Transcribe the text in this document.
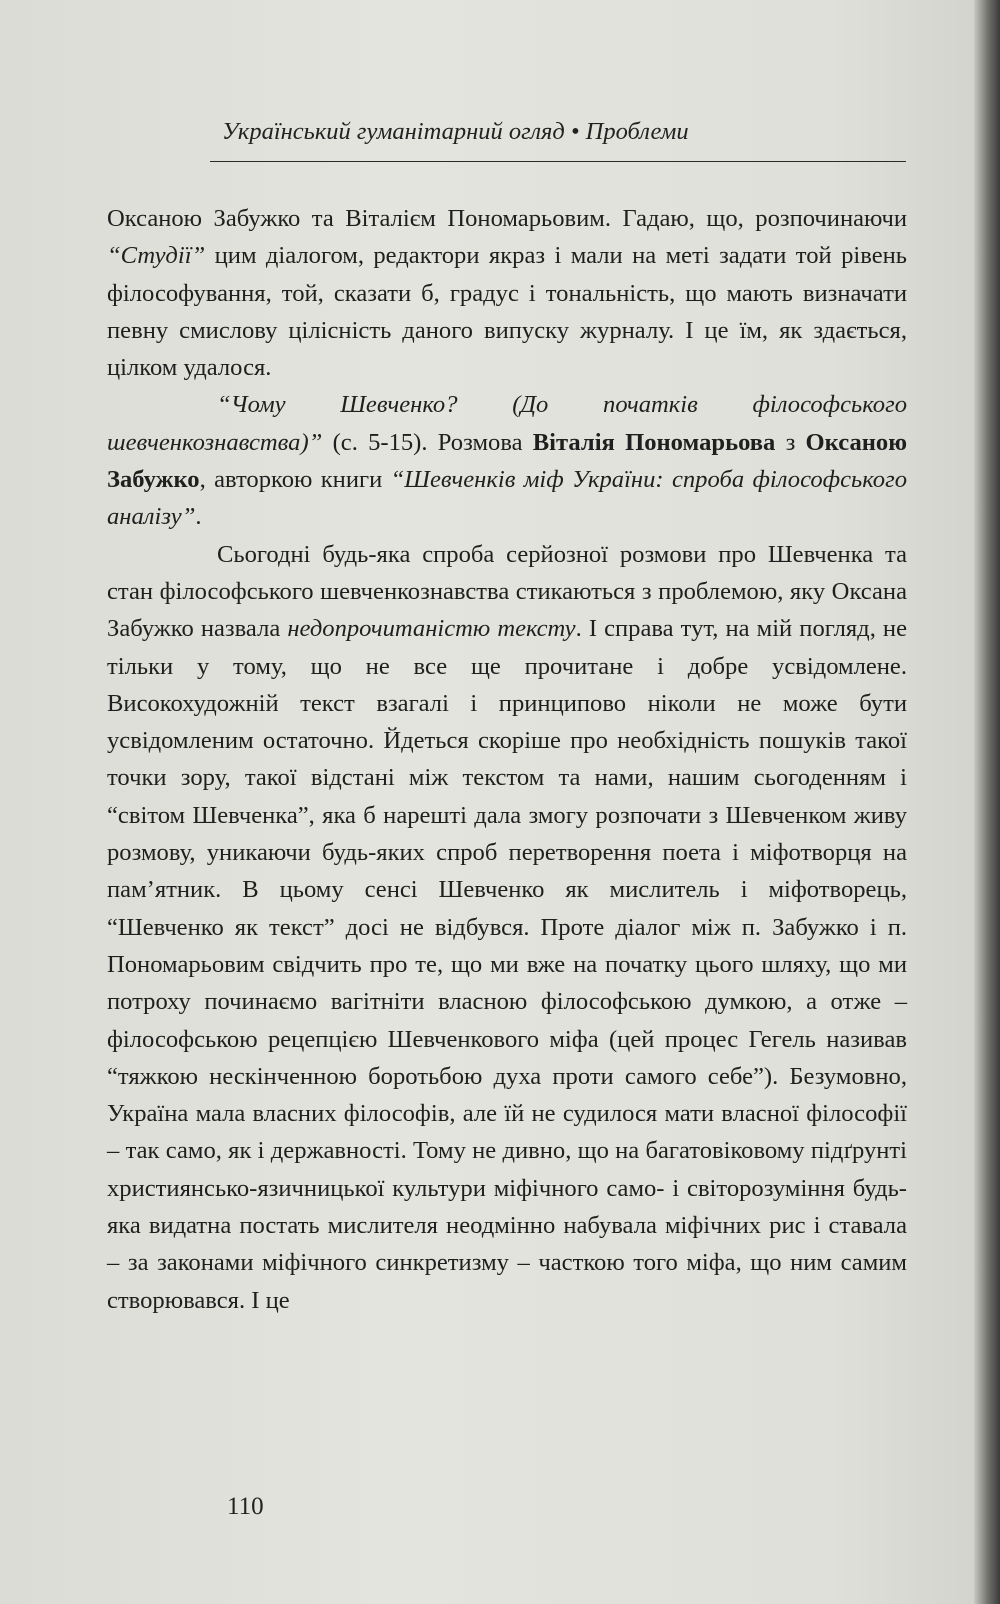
Український гуманітарний огляд • Проблеми

Оксаною Забужко та Віталієм Пономарьовим. Гадаю, що, розпочинаючи “Студії” цим діалогом, редактори якраз і мали на меті задати той рівень філософування, той, сказати б, градус і тональність, що мають визначати певну смислову цілісність даного випуску журналу. І це їм, як здається, цілком удалося.

“Чому Шевченко? (До початків філософського шевченкознавства)” (с. 5-15). Розмова Віталія Пономарьова з Оксаною Забужко, авторкою книги “Шевченків міф України: спроба філософського аналізу”.

Сьогодні будь-яка спроба серйозної розмови про Шевченка та стан філософського шевченкознавства стикаються з проблемою, яку Оксана Забужко назвала недопрочитаністю тексту. І справа тут, на мій погляд, не тільки у тому, що не все ще прочитане і добре усвідомлене. Високохудожній текст взагалі і принципово ніколи не може бути усвідомленим остаточно. Йдеться скоріше про необхідність пошуків такої точки зору, такої відстані між текстом та нами, нашим сьогоденням і “світом Шевченка”, яка б нарешті дала змогу розпочати з Шевченком живу розмову, уникаючи будь-яких спроб перетворення поета і міфотворця на пам’ятник. В цьому сенсі Шевченко як мислитель і міфотворець, “Шевченко як текст” досі не відбувся. Проте діалог між п. Забужко і п. Пономарьовим свідчить про те, що ми вже на початку цього шляху, що ми потроху починаємо вагітніти власною філософською думкою, а отже – філософською рецепцією Шевченкового міфа (цей процес Гегель називав “тяжкою нескінченною боротьбою духа проти самого себе”). Безумовно, Україна мала власних філософів, але їй не судилося мати власної філософії – так само, як і державності. Тому не дивно, що на багатовіковому підґрунті християнсько-язичницької культури міфічного само- і світорозуміння будь-яка видатна постать мислителя неодмінно набувала міфічних рис і ставала – за законами міфічного синкретизму – часткою того міфа, що ним самим створювався. І це

110
